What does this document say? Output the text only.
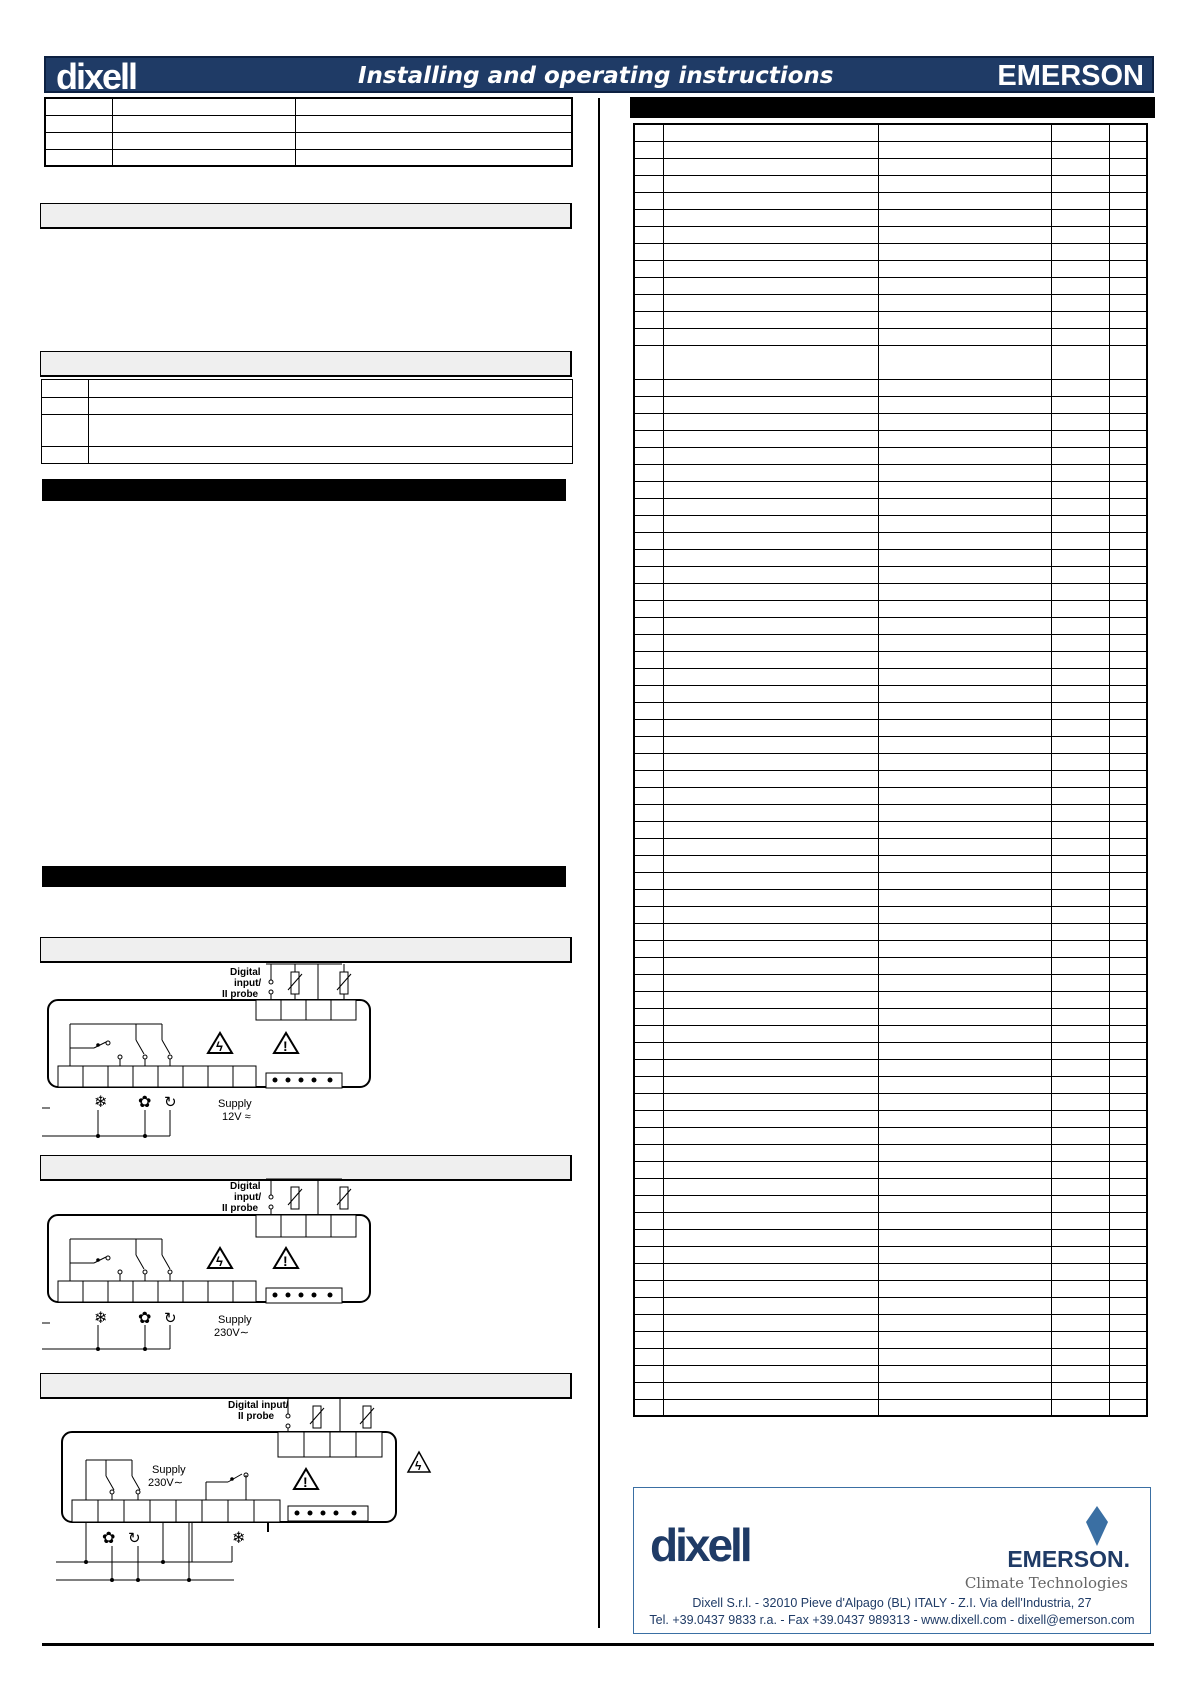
dixell	Installing and operating instructions	EMERSON

Digital
input/
II probe
ϟ	!
❄ ✿ ↻	Supply
12V ≈
Digital
input/
II probe
ϟ	!
❄ ✿ ↻	Supply
230V∼
Digital input/
II probe
Supply
230V∼	!
ϟ
✿ ↻	❄

					dixell	EMERSON.
Climate Technologies
Dixell S.r.l. - 32010 Pieve d'Alpago (BL) ITALY - Z.I. Via dell'Industria, 27
Tel. +39.0437 9833 r.a. - Fax +39.0437 989313 - www.dixell.com - dixell@emerson.com
